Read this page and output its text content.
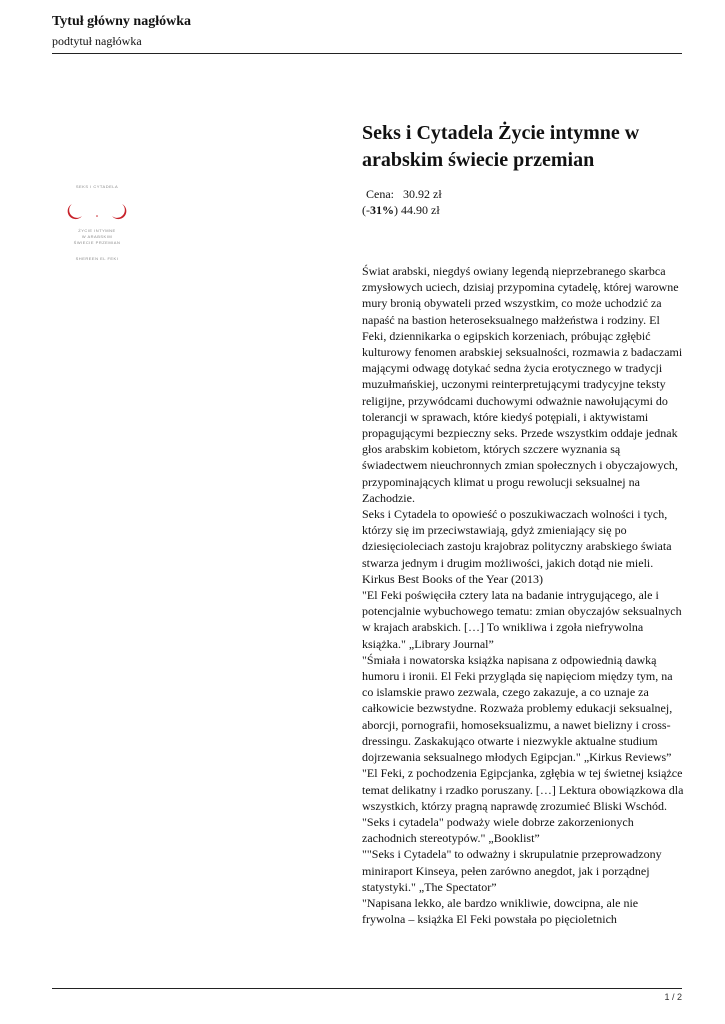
Tytuł główny nagłówka
podtytuł nagłówka
SEKS I CYTADELA
ŻYCIE INTYMNE
W ARABSKIM
ŚWIECIE PRZEMIAN
SHEREEN EL FEKI
Seks i Cytadela Życie intymne w arabskim świecie przemian
Cena: 30.92 zł
(-31%) 44.90 zł

Świat arabski, niegdyś owiany legendą nieprzebranego skarbca zmysłowych uciech, dzisiaj przypomina cytadelę, której warowne mury bronią obywateli przed wszystkim, co może uchodzić za napaść na bastion heteroseksualnego małżeństwa i rodziny. El Feki, dziennikarka o egipskich korzeniach, próbując zgłębić kulturowy fenomen arabskiej seksualności, rozmawia z badaczami mającymi odwagę dotykać sedna życia erotycznego w tradycji muzułmańskiej, uczonymi reinterpretującymi tradycyjne teksty religijne, przywódcami duchowymi odważnie nawołującymi do tolerancji w sprawach, które kiedyś potępiali, i aktywistami propagującymi bezpieczny seks. Przede wszystkim oddaje jednak głos arabskim kobietom, których szczere wyznania są świadectwem nieuchronnych zmian społecznych i obyczajowych, przypominających klimat u progu rewolucji seksualnej na Zachodzie.

Seks i Cytadela to opowieść o poszukiwaczach wolności i tych, którzy się im przeciwstawiają, gdyż zmieniający się po dziesięcioleciach zastoju krajobraz polityczny arabskiego świata stwarza jednym i drugim możliwości, jakich dotąd nie mieli.

Kirkus Best Books of the Year (2013)

"El Feki poświęciła cztery lata na badanie intrygującego, ale i potencjalnie wybuchowego tematu: zmian obyczajów seksualnych w krajach arabskich. […] To wnikliwa i zgoła niefrywolna książka." „Library Journal”

"Śmiała i nowatorska książka napisana z odpowiednią dawką humoru i ironii. El Feki przygląda się napięciom między tym, na co islamskie prawo zezwala, czego zakazuje, a co uznaje za całkowicie bezwstydne. Rozważa problemy edukacji seksualnej, aborcji, pornografii, homoseksualizmu, a nawet bielizny i cross-dressingu. Zaskakująco otwarte i niezwykle aktualne studium dojrzewania seksualnego młodych Egipcjan." „Kirkus Reviews”

"El Feki, z pochodzenia Egipcjanka, zgłębia w tej świetnej książce temat delikatny i rzadko poruszany. […] Lektura obowiązkowa dla wszystkich, którzy pragną naprawdę zrozumieć Bliski Wschód. "Seks i cytadela" podważy wiele dobrze zakorzenionych zachodnich stereotypów." „Booklist”

""Seks i Cytadela" to odważny i skrupulatnie przeprowadzony miniraport Kinseya, pełen zarówno anegdot, jak i porządnej statystyki." „The Spectator”

"Napisana lekko, ale bardzo wnikliwie, dowcipna, ale nie frywolna – książka El Feki powstała po pięcioletnich

1 / 2
